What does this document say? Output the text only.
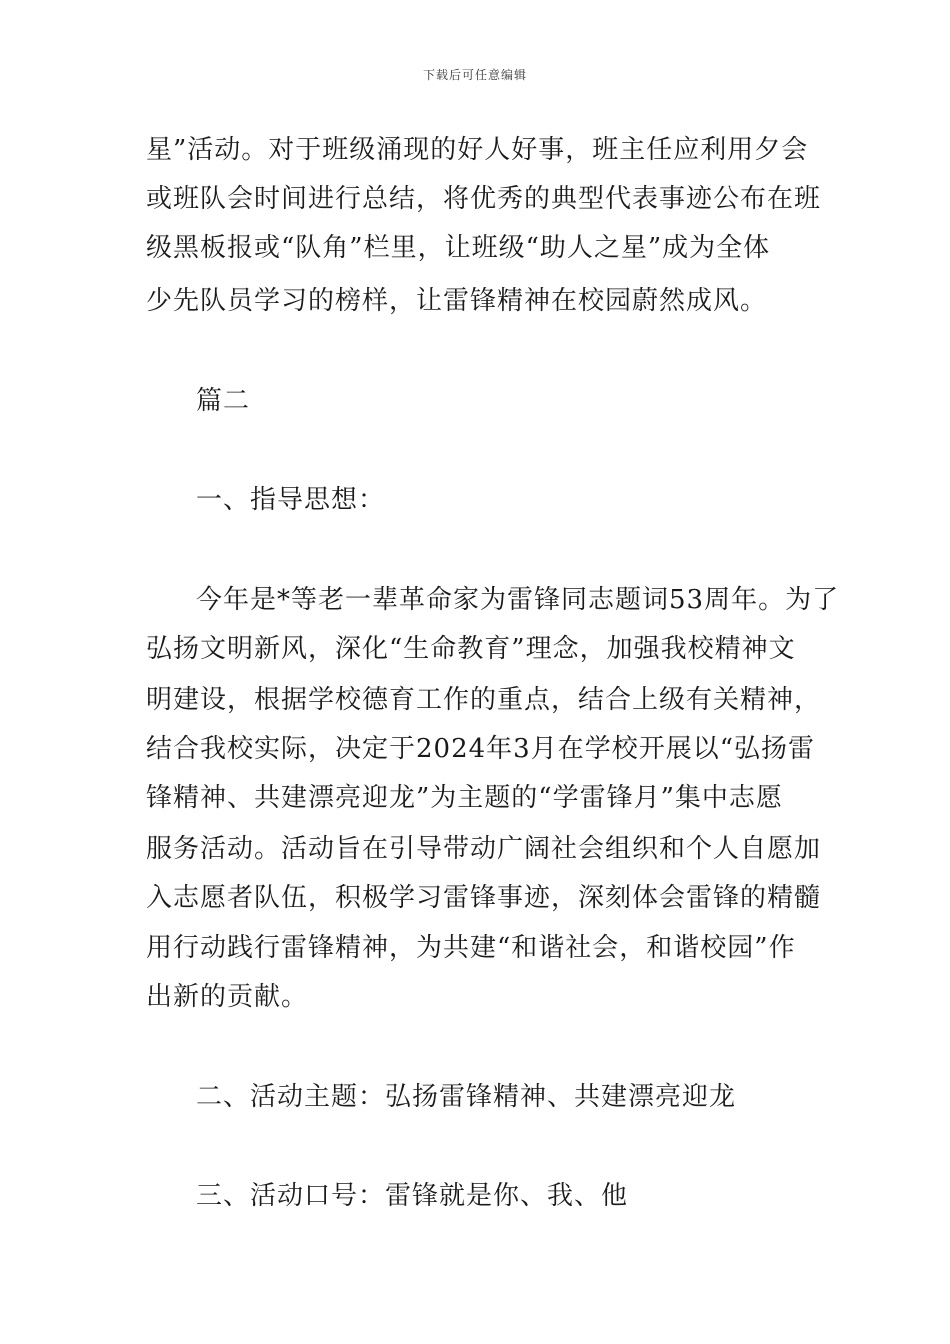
下载后可任意编辑
星”活动。对于班级涌现的好人好事，班主任应利用夕会
或班队会时间进行总结，将优秀的典型代表事迹公布在班
级黑板报或“队角”栏里，让班级“助人之星”成为全体
少先队员学习的榜样，让雷锋精神在校园蔚然成风。
篇二
一、指导思想：
今年是*等老一辈革命家为雷锋同志题词53周年。为了
弘扬文明新风，深化“生命教育”理念，加强我校精神文
明建设，根据学校德育工作的重点，结合上级有关精神，
结合我校实际，决定于2024年3月在学校开展以“弘扬雷
锋精神、共建漂亮迎龙”为主题的“学雷锋月”集中志愿
服务活动。活动旨在引导带动广阔社会组织和个人自愿加
入志愿者队伍，积极学习雷锋事迹，深刻体会雷锋的精髓
用行动践行雷锋精神，为共建“和谐社会，和谐校园”作
出新的贡献。
二、活动主题：弘扬雷锋精神、共建漂亮迎龙
三、活动口号：雷锋就是你、我、他
